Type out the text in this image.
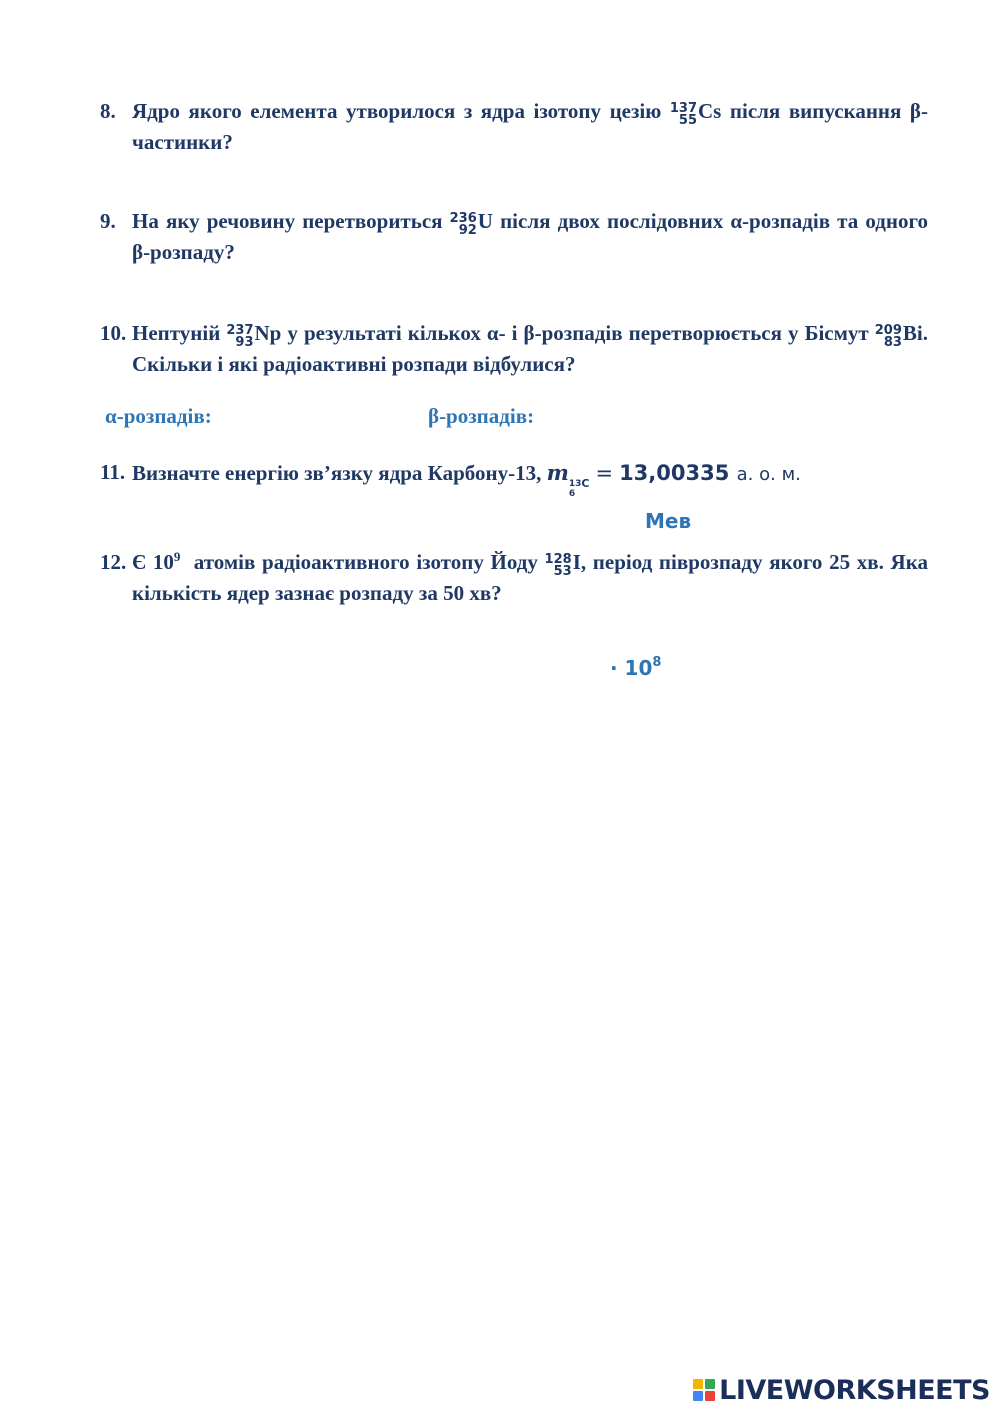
8. Ядро якого елемента утворилося з ядра ізотопу цезію 137
55 Cs після випускання β- частинки?
9. На яку речовину перетвориться 236
92 U після двох послідовних α-розпадів та одного β-розпаду?
10. Нептуній 237
93 Np у результаті кількох α- і β-розпадів перетворюється у Бісмут 209
83 Bi. Скільки і які радіоактивні розпади відбулися?
α-розпадів:	β-розпадів:
11. Визначте енергію зв’язку ядра Карбону-13, m 13 C
6
= 13,00335 а. о. м.
Мев
12. Є $10^9$  атомів радіоактивного ізотопу Йоду 128
53 I, період піврозпаду якого 25 хв. Яка кількість ядер зазнає розпаду за 50 хв?
· $10^8$
LIVEWORKSHEETS
